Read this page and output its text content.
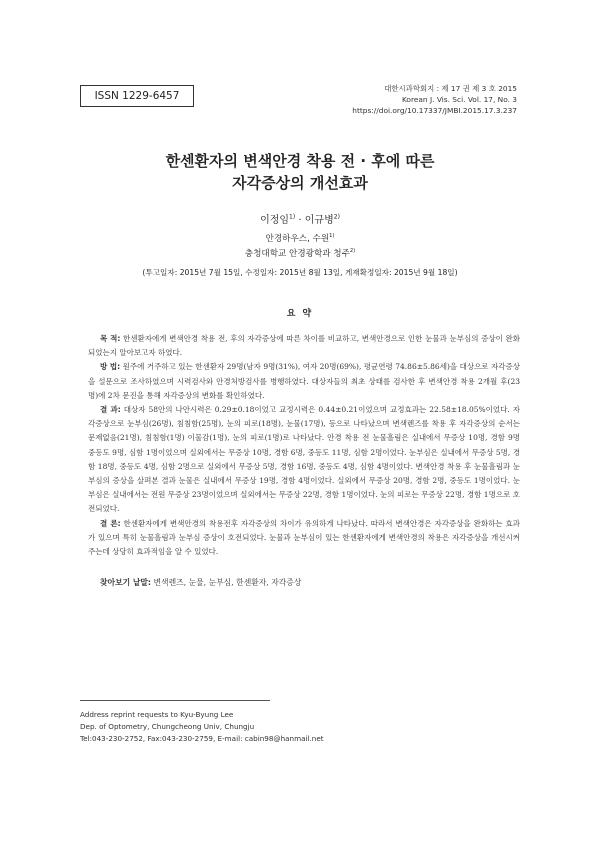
ISSN 1229-6457
대한시과학회지 : 제 17 권 제 3 호 2015
Korean J. Vis. Sci. Vol. 17, No. 3
https://doi.org/10.17337/JMBI.2015.17.3.237
한센환자의 변색안경 착용 전 · 후에 따른
자각증상의 개선효과
이정임$^{1)}$ · 이규병$^{2)}$
안경하우스, 수원$^{1)}$
충청대학교 안경광학과 청주$^{2)}$
(투고일자: 2015년 7월 15일, 수정일자: 2015년 8월 13일, 게재확정일자: 2015년 9월 18일)
요 약

목 적: 한센환자에게 변색안경 착용 전, 후의 자각증상에 따른 차이를 비교하고, 변색안경으로 인한 눈물과 눈부심의 증상이 완화되었는지 알아보고자 하였다.

방 법: 원주에 거주하고 있는 한센환자 29명(남자 9명(31%), 여자 20명(69%), 평균연령 74.86±5.86세)을 대상으로 자각증상을 설문으로 조사하였으며 시력검사와 안경처방검사를 병행하였다. 대상자들의 최초 상태를 검사한 후 변색안경 착용 2개월 후(23명)에 2차 문진을 통해 자각증상의 변화를 확인하였다.

결 과: 대상자 58안의 나안시력은 0.29±0.18이었고 교정시력은 0.44±0.21이었으며 교정효과는 22.58±18.05%이었다. 자각증상으로 눈부심(26명), 침침함(25명), 눈의 피로(18명), 눈물(17명), 등으로 나타났으며 변색렌즈를 착용 후 자각증상의 순서는 문제없음(21명), 침침함(1명) 이물감(1명), 눈의 피로(1명)로 나타났다. 안경 착용 전 눈물흘림은 실내에서 무증상 10명, 경함 9명 중등도 9명, 심함 1명이었으며 실외에서는 무증상 10명, 경함 6명, 중등도 11명, 심함 2명이었다. 눈부심은 실내에서 무증상 5명, 경함 18명, 중등도 4명, 심함 2명으로 실외에서 무증상 5명, 경함 16명, 중등도 4명, 심함 4명이었다. 변색안경 착용 후 눈물흘림과 눈부심의 증상을 살펴본 결과 눈물은 실내에서 무증상 19명, 경함 4명이었다. 실외에서 무증상 20명, 경함 2명, 중등도 1명이었다. 눈부심은 실내에서는 전원 무증상 23명이었으며 실외에서는 무증상 22명, 경함 1명이었다. 눈의 피로는 무증상 22명, 경함 1명으로 호전되었다.

결 론: 한센환자에게 변색안경의 착용전후 자각증상의 차이가 유의하게 나타났다. 따라서 변색안경은 자각증상을 완화하는 효과가 있으며 특히 눈물흘림과 눈부심 증상이 호전되었다. 눈물과 눈부심이 있는 한센환자에게 변색안경의 착용은 자각증상을 개선시켜주는데 상당히 효과적임을 알 수 있었다.

찾아보기 낱말: 변색렌즈, 눈물, 눈부심, 한센환자, 자각증상
Address reprint requests to Kyu-Byung Lee
Dep. of Optometry, Chungcheong Univ, Chungju
Tel:043-230-2752, Fax:043-230-2759, E-mail: cabin98@hanmail.net
